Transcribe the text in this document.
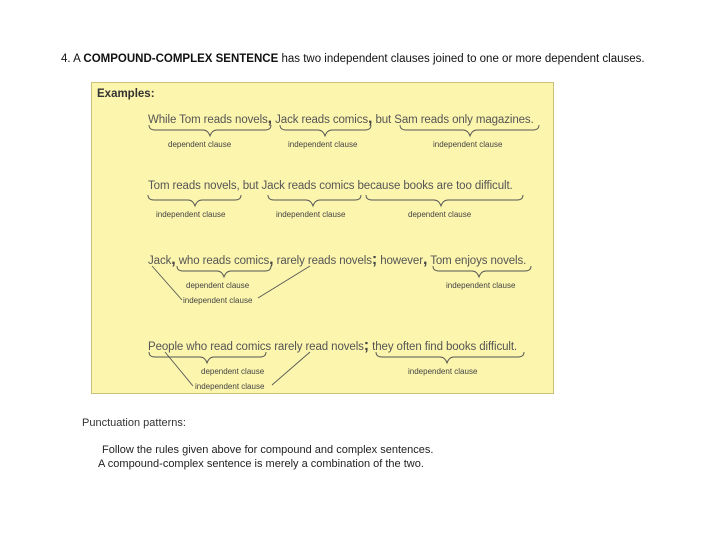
4. A COMPOUND-COMPLEX SENTENCE has two independent clauses joined to one or more dependent clauses.
Examples:
While Tom reads novels, Jack reads comics, but Sam reads only magazines.
dependent clause	independent clause	independent clause
Tom reads novels, but Jack reads comics because books are too difficult.
independent clause	independent clause	dependent clause
Jack, who reads comics, rarely reads novels; however, Tom enjoys novels.
dependent clause
independent clause
independent clause
People who read comics rarely read novels; they often find books difficult.
dependent clause
independent clause
independent clause
Punctuation patterns:
Follow the rules given above for compound and complex sentences.
A compound-complex sentence is merely a combination of the two.
